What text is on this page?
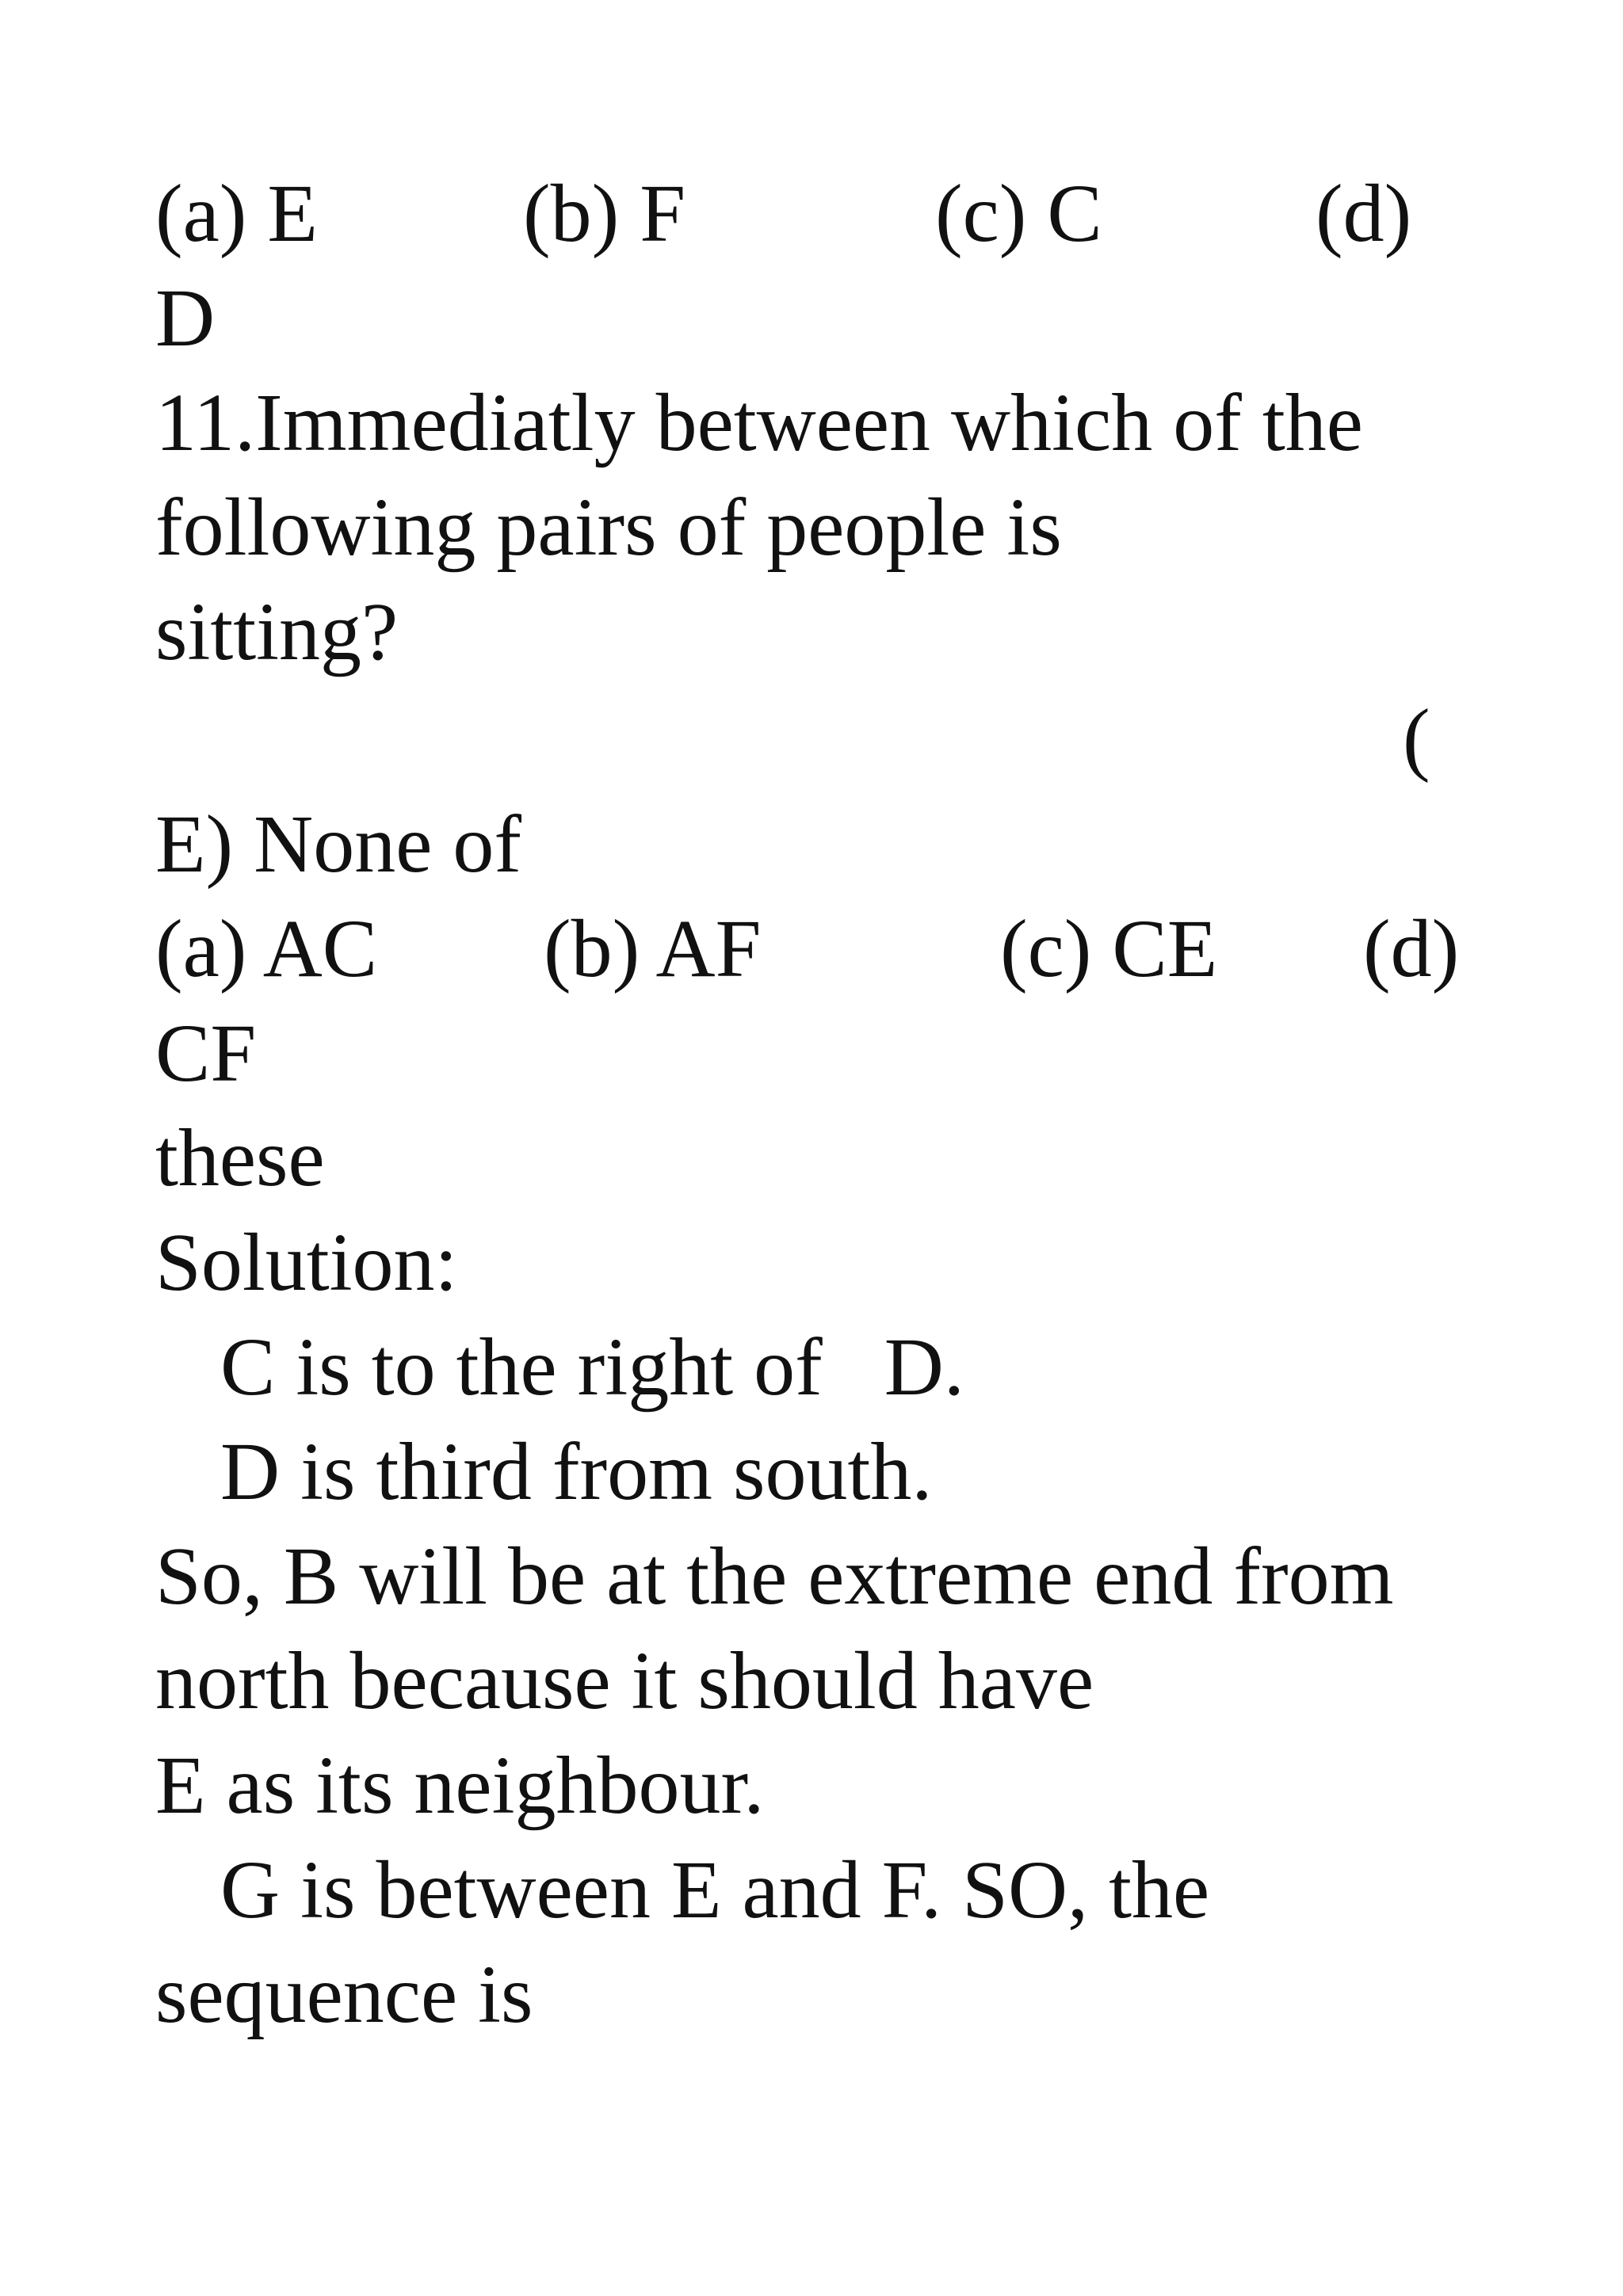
(a) E (b) F	(c) C	(d)
D
11.Immediatly between which of the
following pairs of people is
sitting?
(
E) None of
(a) AC (b) AF	(c) CE (d)
CF
these
Solution:
C is to the right of   D.
D is third from south.
So, B will be at the extreme end from
north because it should have
E as its neighbour.
G is between E and F. SO, the
sequence is
